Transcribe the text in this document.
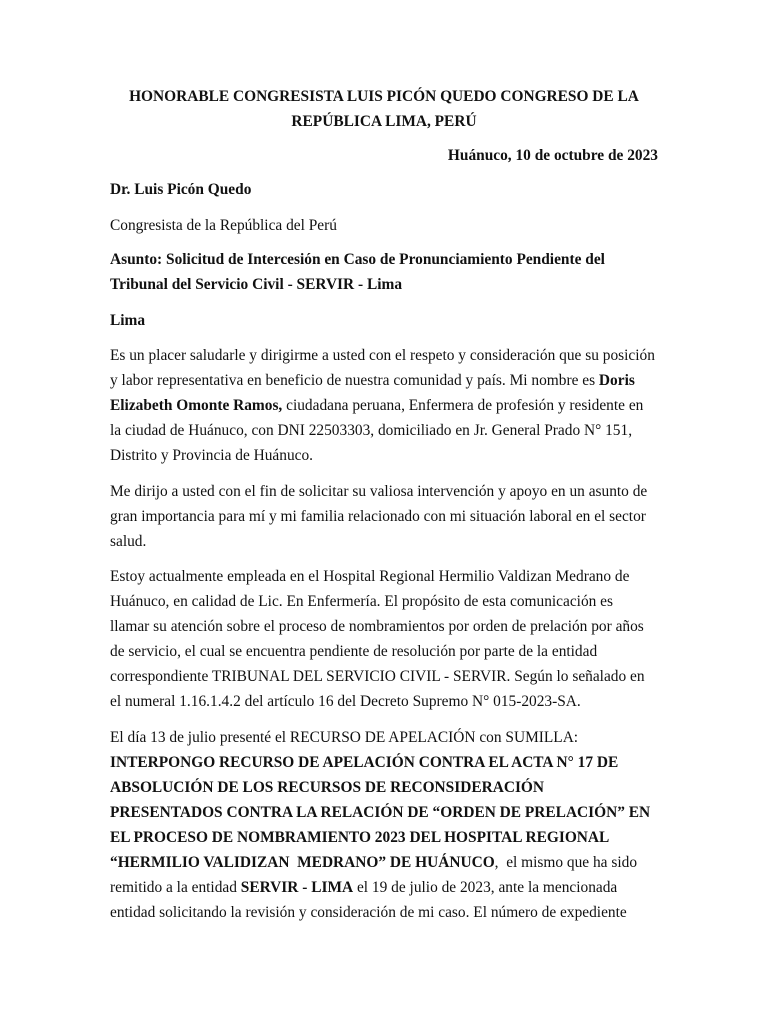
HONORABLE CONGRESISTA LUIS PICÓN QUEDO CONGRESO DE LA
REPÚBLICA LIMA, PERÚ

Huánuco, 10 de octubre de 2023

Dr. Luis Picón Quedo

Congresista de la República del Perú

Asunto: Solicitud de Intercesión en Caso de Pronunciamiento Pendiente del
Tribunal del Servicio Civil - SERVIR - Lima

Lima

Es un placer saludarle y dirigirme a usted con el respeto y consideración que su posición
y labor representativa en beneficio de nuestra comunidad y país. Mi nombre es Doris
Elizabeth Omonte Ramos, ciudadana peruana, Enfermera de profesión y residente en
la ciudad de Huánuco, con DNI 22503303, domiciliado en Jr. General Prado N° 151,
Distrito y Provincia de Huánuco.

Me dirijo a usted con el fin de solicitar su valiosa intervención y apoyo en un asunto de
gran importancia para mí y mi familia relacionado con mi situación laboral en el sector
salud.

Estoy actualmente empleada en el Hospital Regional Hermilio Valdizan Medrano de
Huánuco, en calidad de Lic. En Enfermería. El propósito de esta comunicación es
llamar su atención sobre el proceso de nombramientos por orden de prelación por años
de servicio, el cual se encuentra pendiente de resolución por parte de la entidad
correspondiente TRIBUNAL DEL SERVICIO CIVIL - SERVIR. Según lo señalado en
el numeral 1.16.1.4.2 del artículo 16 del Decreto Supremo N° 015-2023-SA.

El día 13 de julio presenté el RECURSO DE APELACIÓN con SUMILLA:
INTERPONGO RECURSO DE APELACIÓN CONTRA EL ACTA N° 17 DE
ABSOLUCIÓN DE LOS RECURSOS DE RECONSIDERACIÓN
PRESENTADOS CONTRA LA RELACIÓN DE “ORDEN DE PRELACIÓN” EN
EL PROCESO DE NOMBRAMIENTO 2023 DEL HOSPITAL REGIONAL
“HERMILIO VALIDIZAN  MEDRANO” DE HUÁNUCO,  el mismo que ha sido
remitido a la entidad SERVIR - LIMA el 19 de julio de 2023, ante la mencionada
entidad solicitando la revisión y consideración de mi caso. El número de expediente
